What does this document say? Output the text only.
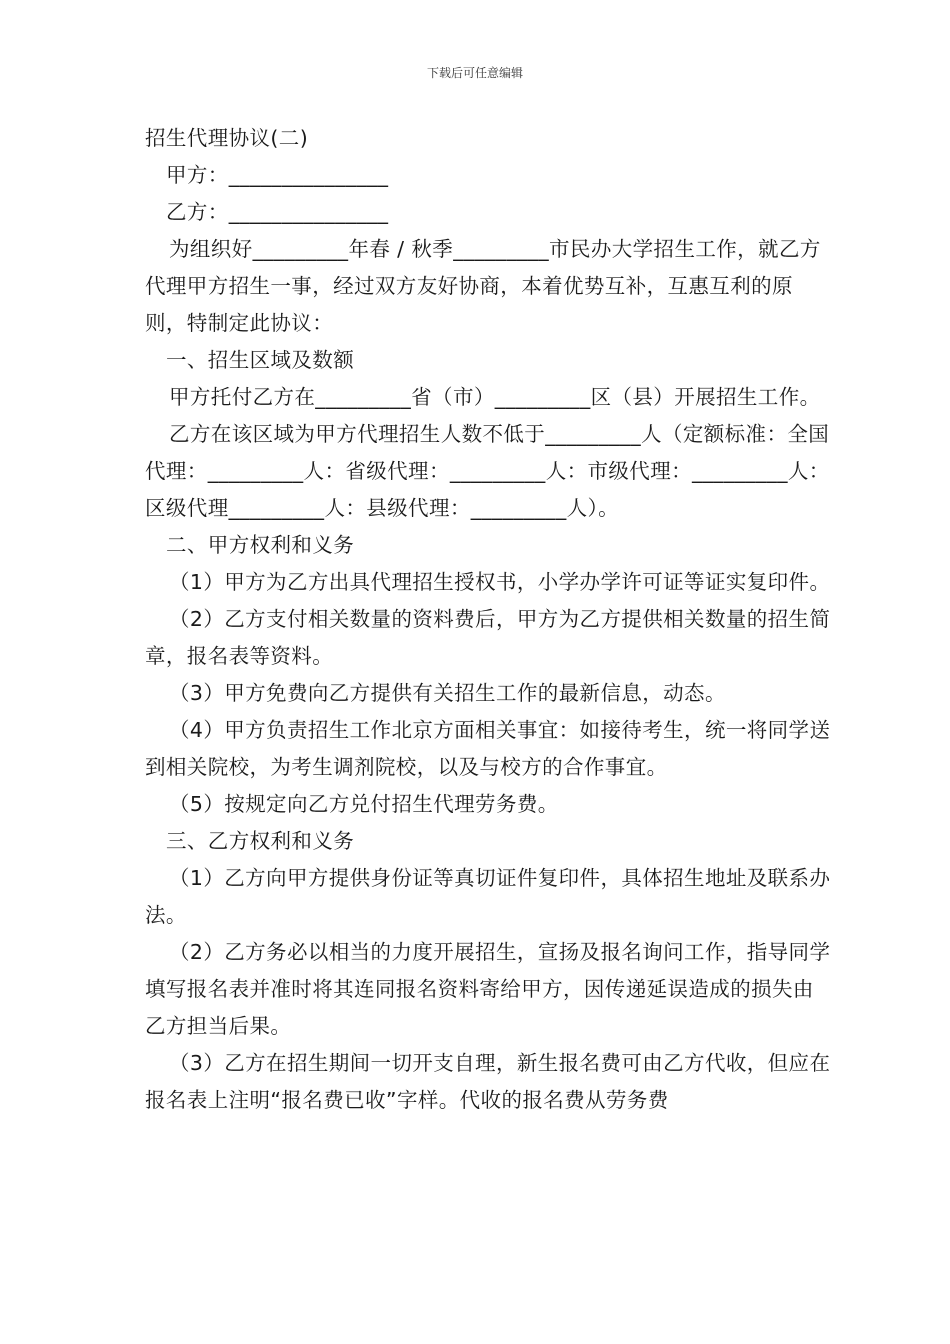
下载后可任意编辑

招生代理协议(二)

甲方：_______________

乙方：_______________

为组织好_________年春 / 秋季_________市民办大学招生工作，就乙方代理甲方招生一事，经过双方友好协商，本着优势互补，互惠互利的原则，特制定此协议：

一、招生区域及数额

甲方托付乙方在_________省（市）_________区（县）开展招生工作。

乙方在该区域为甲方代理招生人数不低于_________人（定额标准：全国代理：_________人：省级代理：_________人：市级代理：_________人：区级代理_________人：县级代理：_________人）。

二、甲方权利和义务

（1）甲方为乙方出具代理招生授权书，小学办学许可证等证实复印件。

（2）乙方支付相关数量的资料费后，甲方为乙方提供相关数量的招生简章，报名表等资料。

（3）甲方免费向乙方提供有关招生工作的最新信息，动态。

（4）甲方负责招生工作北京方面相关事宜：如接待考生，统一将同学送到相关院校，为考生调剂院校，以及与校方的合作事宜。

（5）按规定向乙方兑付招生代理劳务费。

三、乙方权利和义务

（1）乙方向甲方提供身份证等真切证件复印件，具体招生地址及联系办法。

（2）乙方务必以相当的力度开展招生，宣扬及报名询问工作，指导同学填写报名表并准时将其连同报名资料寄给甲方，因传递延误造成的损失由乙方担当后果。

（3）乙方在招生期间一切开支自理，新生报名费可由乙方代收，但应在报名表上注明“报名费已收”字样。代收的报名费从劳务费
